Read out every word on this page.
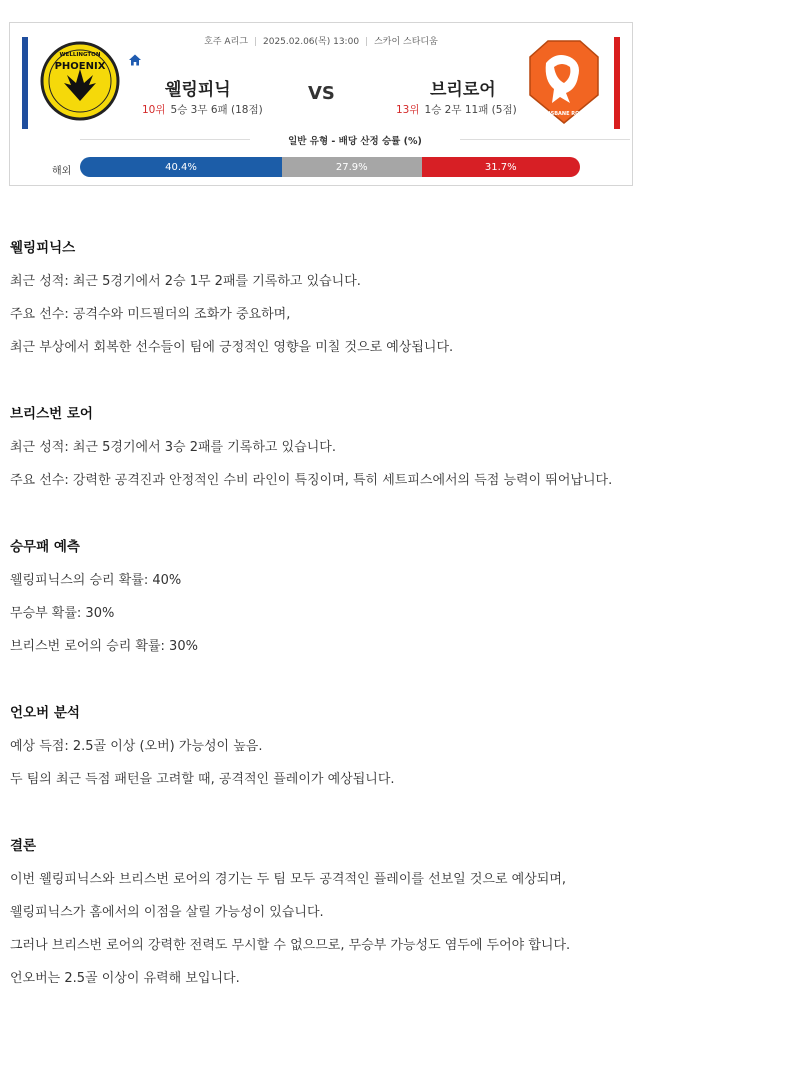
호주 A리그 | 2025.02.06(목) 13:00 | 스카이 스타디움
WELLINGTON
PHOENIX
웰링피닉
10위 5승 3무 6패 (18점)
VS	브리로어
13위 1승 2무 11패 (5점)	BRISBANE ROAR
일반 유형 - 배당 산정 승률 (%)
해외	40.4%	27.9%	31.7%
웰링피닉스

최근 성적: 최근 5경기에서 2승 1무 2패를 기록하고 있습니다.

주요 선수: 공격수와 미드필더의 조화가 중요하며,

최근 부상에서 회복한 선수들이 팀에 긍정적인 영향을 미칠 것으로 예상됩니다.

브리스번 로어

최근 성적: 최근 5경기에서 3승 2패를 기록하고 있습니다.

주요 선수: 강력한 공격진과 안정적인 수비 라인이 특징이며, 특히 세트피스에서의 득점 능력이 뛰어납니다.

승무패 예측

웰링피닉스의 승리 확률: 40%

무승부 확률: 30%

브리스번 로어의 승리 확률: 30%

언오버 분석

예상 득점: 2.5골 이상 (오버) 가능성이 높음.

두 팀의 최근 득점 패턴을 고려할 때, 공격적인 플레이가 예상됩니다.

결론

이번 웰링피닉스와 브리스번 로어의 경기는 두 팀 모두 공격적인 플레이를 선보일 것으로 예상되며,

웰링피닉스가 홈에서의 이점을 살릴 가능성이 있습니다.

그러나 브리스번 로어의 강력한 전력도 무시할 수 없으므로, 무승부 가능성도 염두에 두어야 합니다.

언오버는 2.5골 이상이 유력해 보입니다.
